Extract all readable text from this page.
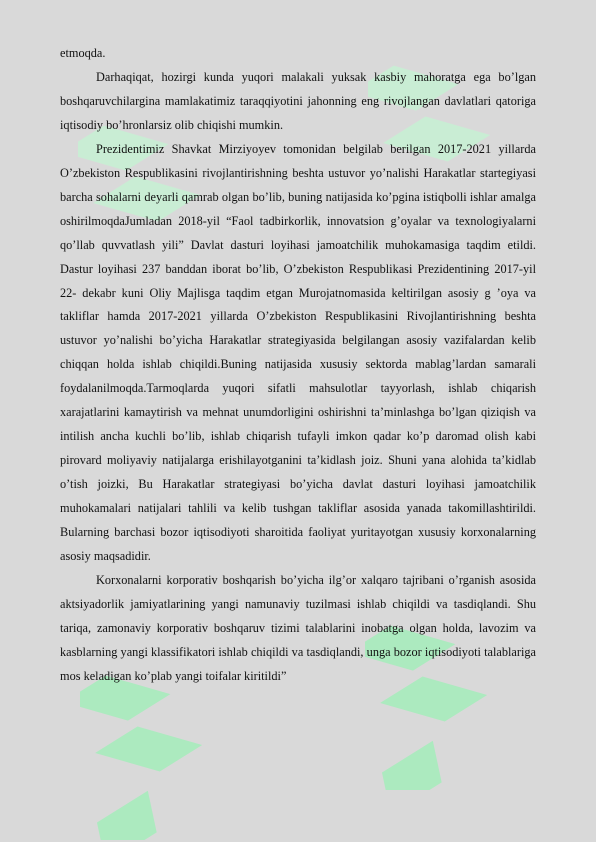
etmoqda.

Darhaqiqat, hozirgi kunda yuqori malakali yuksak kasbiy mahoratga ega bo’lgan boshqaruvchilargina mamlakatimiz taraqqiyotini jahonning eng rivojlangan davlatlari qatoriga iqtisodiy bo’hronlarsiz olib chiqishi mumkin.

Prezidentimiz Shavkat Mirziyoyev tomonidan belgilab berilgan 2017-2021 yillarda O’zbekiston Respublikasini rivojlantirishning beshta ustuvor yo’nalishi Harakatlar startegiyasi barcha sohalarni deyarli qamrab olgan bo’lib, buning natijasida ko’pgina istiqbolli ishlar amalga oshirilmoqdaJumladan 2018-yil “Faol tadbirkorlik, innovatsion g’oyalar va texnologiyalarni qo’llab quvvatlash yili” Davlat dasturi loyihasi jamoatchilik muhokamasiga taqdim etildi. Dastur loyihasi 237 banddan iborat bo’lib, O’zbekiston Respublikasi Prezidentining 2017-yil 22- dekabr kuni Oliy Majlisga taqdim etgan Murojatnomasida keltirilgan asosiy g ’oya va takliflar hamda 2017-2021 yillarda O’zbekiston Respublikasini Rivojlantirishning beshta ustuvor yo’nalishi bo’yicha Harakatlar strategiyasida belgilangan asosiy vazifalardan kelib chiqqan holda ishlab chiqildi.Buning natijasida xususiy sektorda mablag’lardan samarali foydalanilmoqda.Tarmoqlarda yuqori sifatli mahsulotlar tayyorlash, ishlab chiqarish xarajatlarini kamaytirish va mehnat unumdorligini oshirishni ta’minlashga bo’lgan qiziqish va intilish ancha kuchli bo’lib, ishlab chiqarish tufayli imkon qadar ko’p daromad olish kabi pirovard moliyaviy natijalarga erishilayotganini ta’kidlash joiz. Shuni yana alohida ta’kidlab o’tish joizki, Bu Harakatlar strategiyasi bo’yicha davlat dasturi loyihasi jamoatchilik muhokamalari natijalari tahlili va kelib tushgan takliflar asosida yanada takomillashtirildi. Bularning barchasi bozor iqtisodiyoti sharoitida faoliyat yuritayotgan xususiy korxonalarning asosiy maqsadidir.

Korxonalarni korporativ boshqarish bo’yicha ilg’or xalqaro tajribani o’rganish asosida aktsiyadorlik jamiyatlarining yangi namunaviy tuzilmasi ishlab chiqildi va tasdiqlandi. Shu tariqa, zamonaviy korporativ boshqaruv tizimi talablarini inobatga olgan holda, lavozim va kasblarning yangi klassifikatori ishlab chiqildi va tasdiqlandi, unga bozor iqtisodiyoti talablariga mos keladigan ko’plab yangi toifalar kiritildi”
